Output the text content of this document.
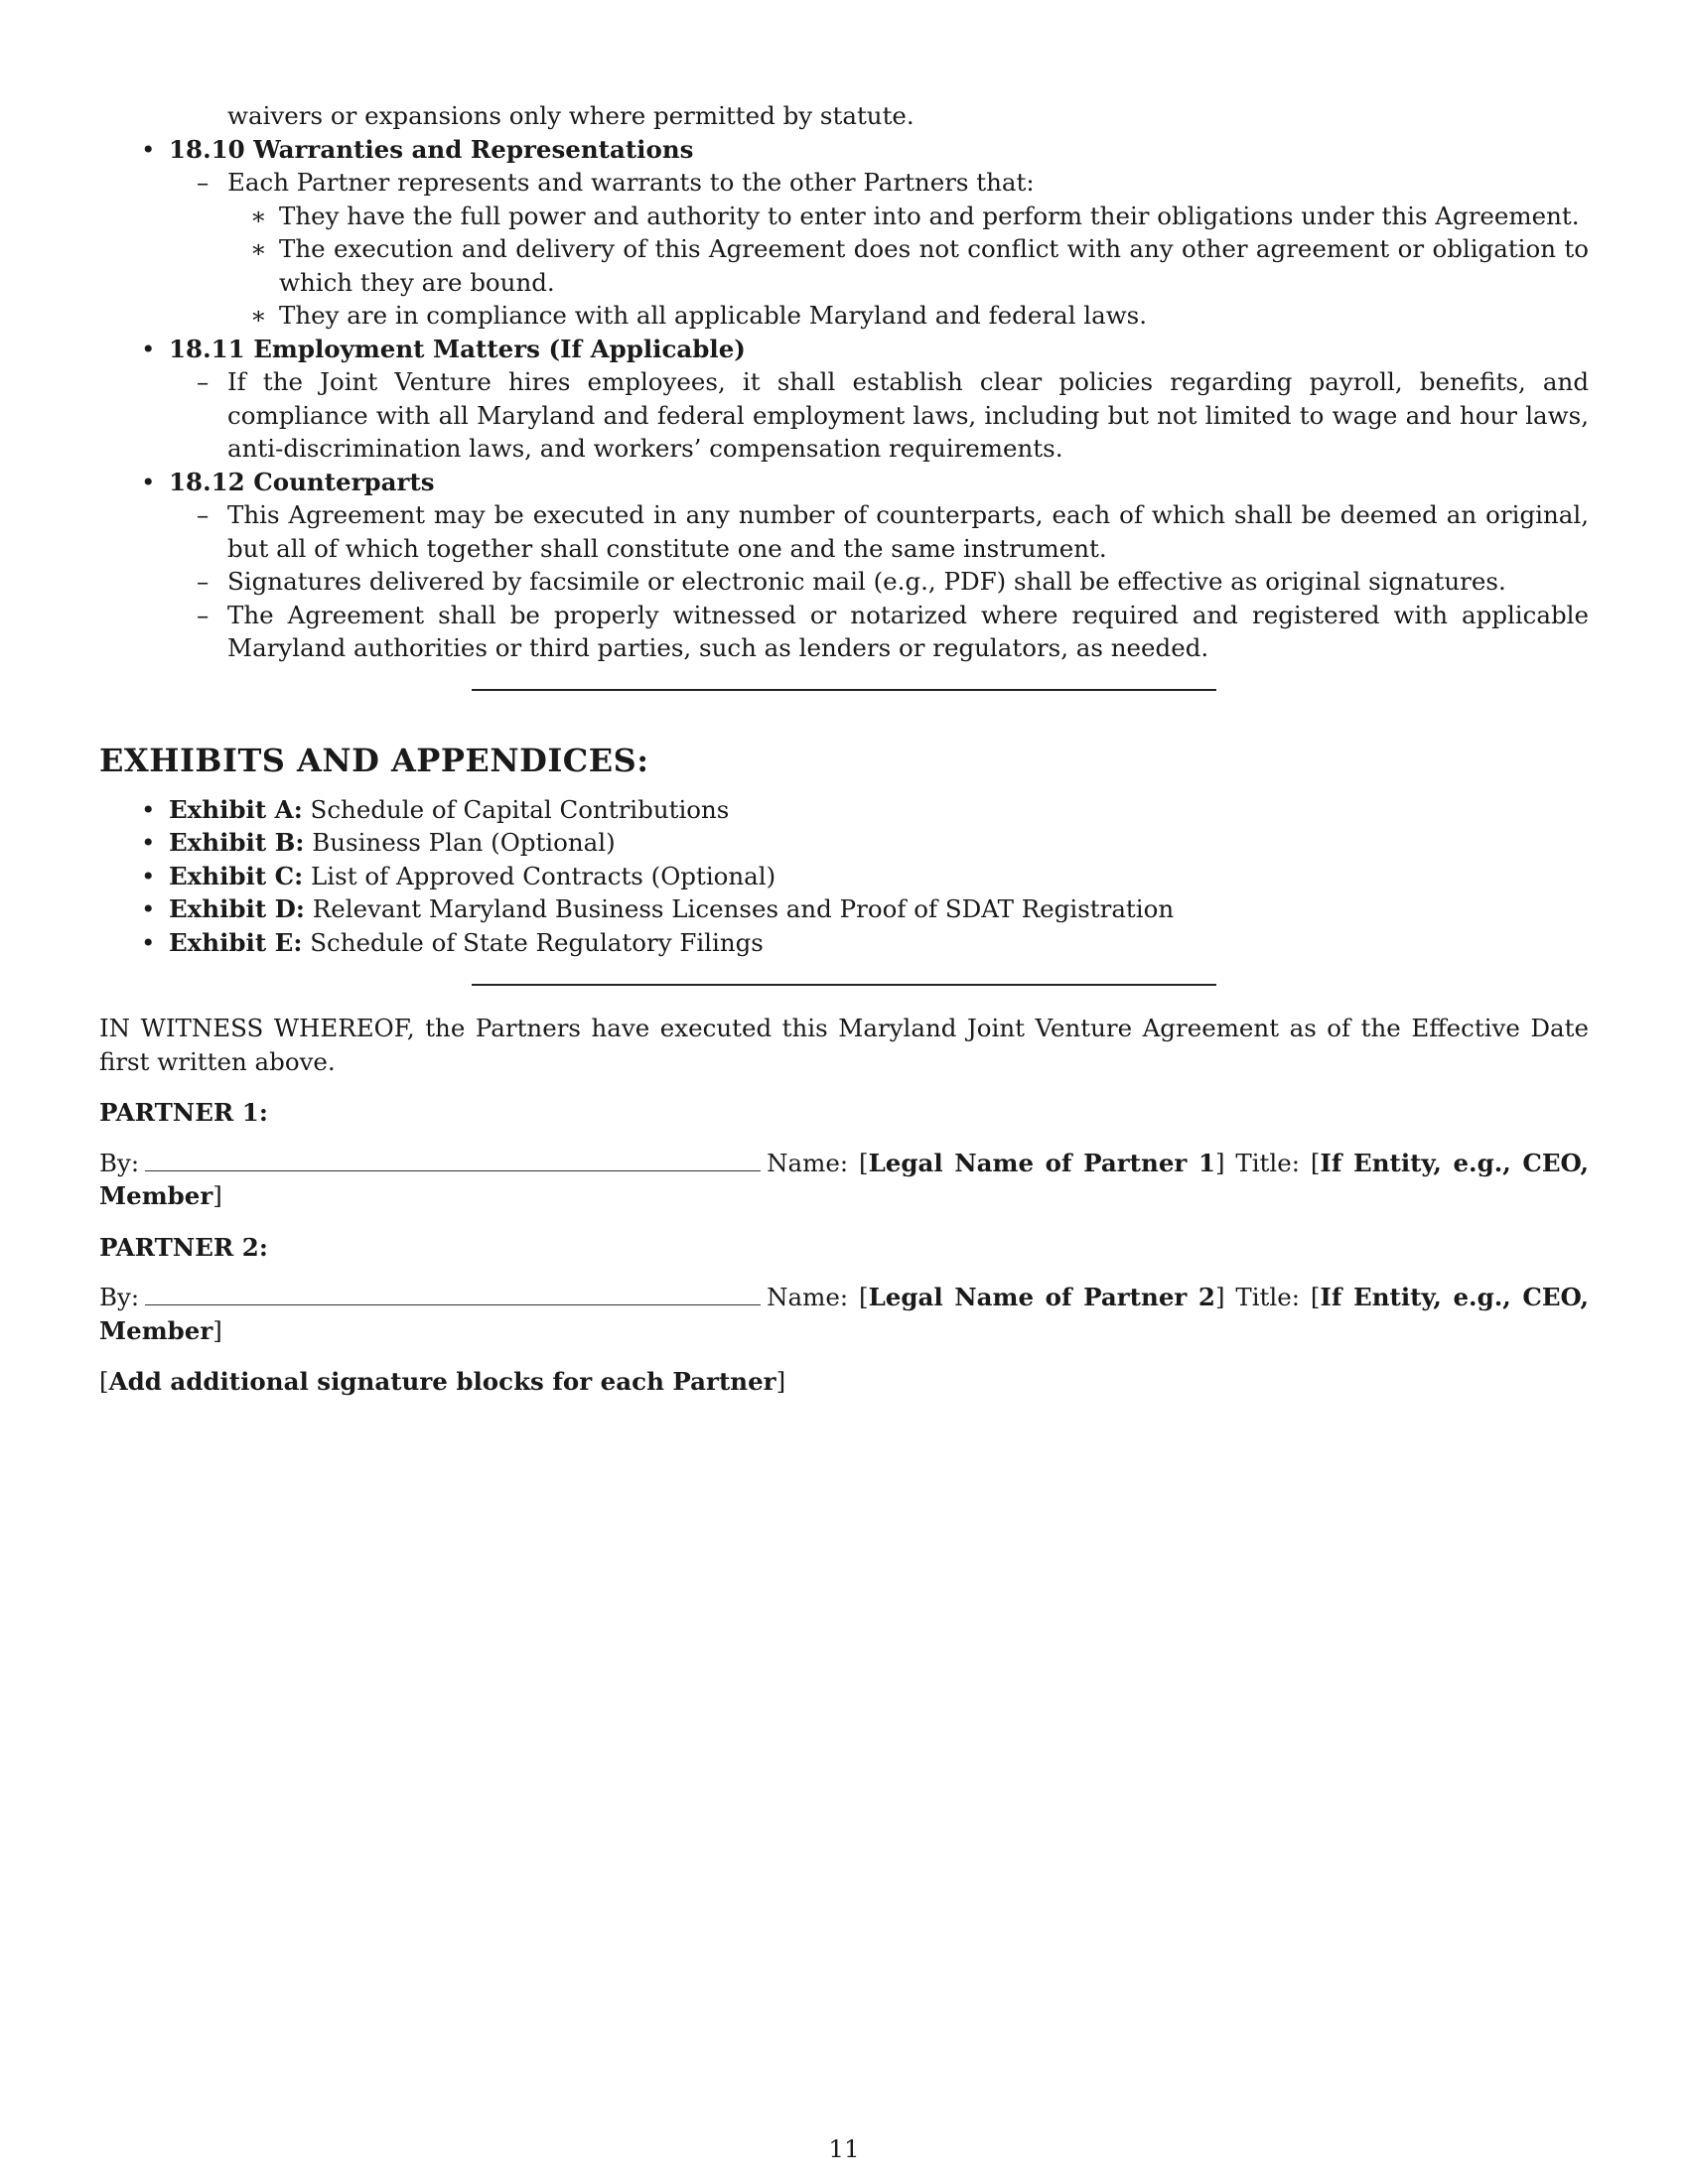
waivers or expansions only where permitted by statute.
• 18.10 Warranties and Representations
– Each Partner represents and warrants to the other Partners that:
∗ They have the full power and authority to enter into and perform their obligations under this Agreement.
∗ The execution and delivery of this Agreement does not conflict with any other agreement or obligation to which they are bound.
∗ They are in compliance with all applicable Maryland and federal laws.
• 18.11 Employment Matters (If Applicable)
– If the Joint Venture hires employees, it shall establish clear policies regarding payroll, benefits, and compliance with all Maryland and federal employment laws, including but not limited to wage and hour laws, anti-discrimination laws, and workers’ compensation requirements.
• 18.12 Counterparts
– This Agreement may be executed in any number of counterparts, each of which shall be deemed an original, but all of which together shall constitute one and the same instrument.
– Signatures delivered by facsimile or electronic mail (e.g., PDF) shall be effective as original signatures.
– The Agreement shall be properly witnessed or notarized where required and registered with applicable Maryland authorities or third parties, such as lenders or regulators, as needed.
EXHIBITS AND APPENDICES:
• Exhibit A: Schedule of Capital Contributions
• Exhibit B: Business Plan (Optional)
• Exhibit C: List of Approved Contracts (Optional)
• Exhibit D: Relevant Maryland Business Licenses and Proof of SDAT Registration
• Exhibit E: Schedule of State Regulatory Filings

IN WITNESS WHEREOF, the Partners have executed this Maryland Joint Venture Agreement as of the Effective Date first written above.

PARTNER 1:

By:	Name: [Legal Name of Partner 1] Title: [If Entity, e.g., CEO, Member]

PARTNER 2:

By:	Name: [Legal Name of Partner 2] Title: [If Entity, e.g., CEO, Member]

[Add additional signature blocks for each Partner]

11
